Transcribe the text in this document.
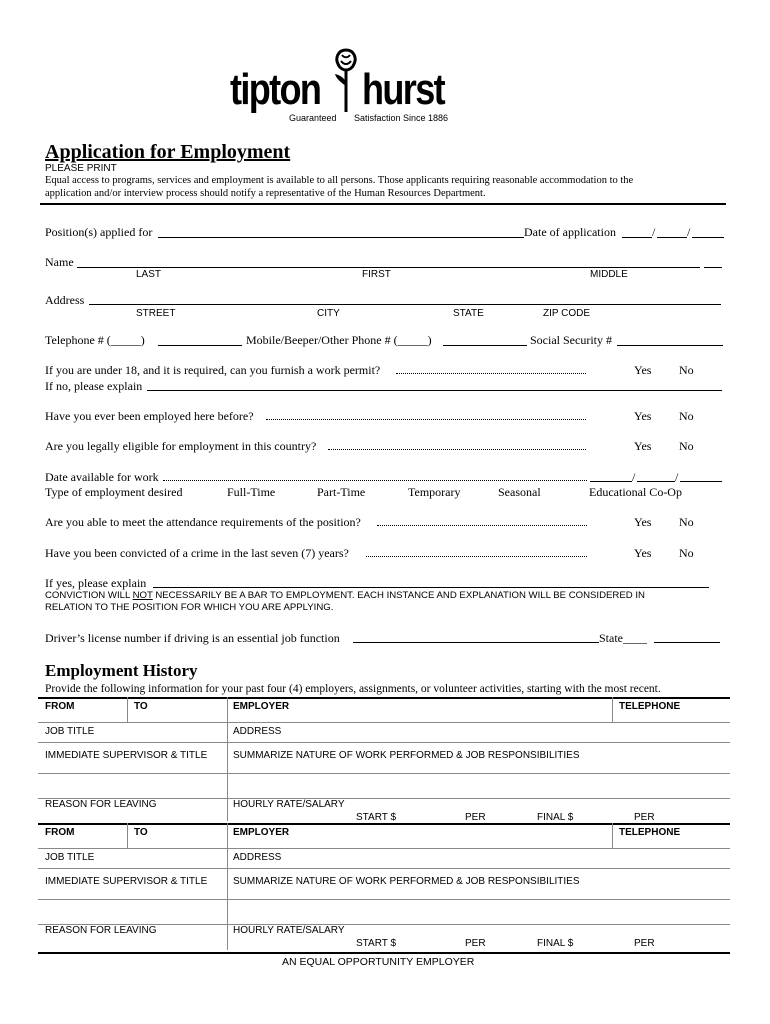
tipton hurst
Guaranteed Satisfaction Since 1886
Application for Employment
PLEASE PRINT
Equal access to programs, services and employment is available to all persons. Those applicants requiring reasonable accommodation to the
application and/or interview process should notify a representative of the Human Resources Department.
Position(s) applied for	Date of application	/	/
Name
LAST	FIRST	MIDDLE
Address
STREET	CITY	STATE	ZIP CODE
Telephone # (_____)	Mobile/Beeper/Other Phone # (_____)	Social Security #
If you are under 18, and it is required, can you furnish a work permit?	Yes No
If no, please explain
Have you ever been employed here before?	Yes No
Are you legally eligible for employment in this country?	Yes No
Date available for work	/	/
Type of employment desired	Full-Time	Part-Time	Temporary	Seasonal	Educational Co-Op
Are you able to meet the attendance requirements of the position?	Yes No
Have you been convicted of a crime in the last seven (7) years?	Yes No
If yes, please explain
CONVICTION WILL NOT NECESSARILY BE A BAR TO EMPLOYMENT. EACH INSTANCE AND EXPLANATION WILL BE CONSIDERED IN
RELATION TO THE POSITION FOR WHICH YOU ARE APPLYING.
Driver’s license number if driving is an essential job function	State____
Employment History
Provide the following information for your past four (4) employers, assignments, or volunteer activities, starting with the most recent.
FROM	TO	EMPLOYER	TELEPHONE
JOB TITLE	ADDRESS
IMMEDIATE SUPERVISOR & TITLE	SUMMARIZE NATURE OF WORK PERFORMED & JOB RESPONSIBILITIES
REASON FOR LEAVING	HOURLY RATE/SALARY
START $	PER	FINAL $	PER
FROM	TO	EMPLOYER	TELEPHONE
JOB TITLE	ADDRESS
IMMEDIATE SUPERVISOR & TITLE	SUMMARIZE NATURE OF WORK PERFORMED & JOB RESPONSIBILITIES
REASON FOR LEAVING	HOURLY RATE/SALARY
START $	PER	FINAL $	PER
AN EQUAL OPPORTUNITY EMPLOYER
